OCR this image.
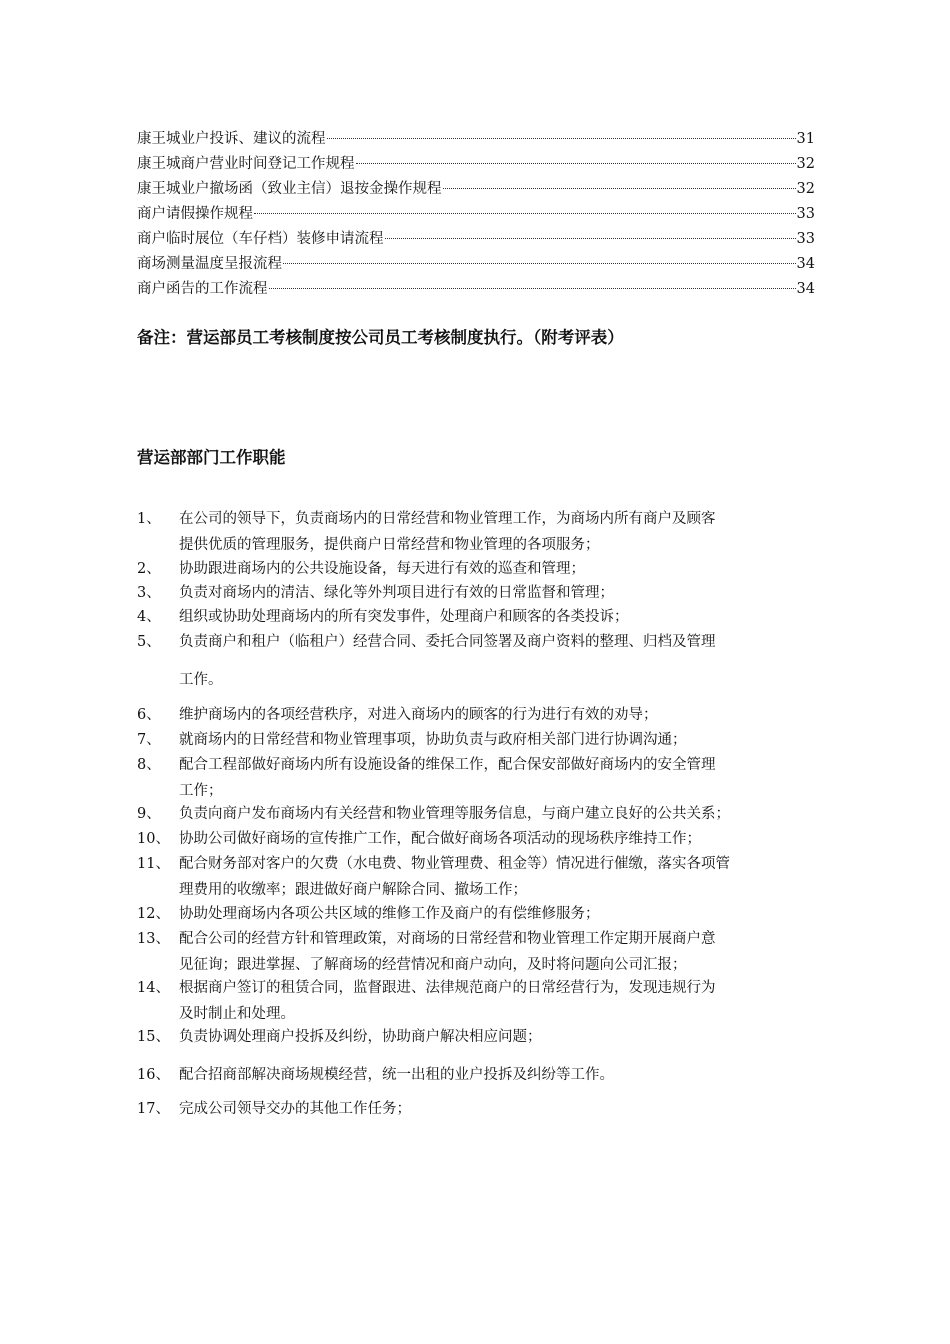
康王城业户投诉、建议的流程	31
康王城商户营业时间登记工作规程	32
康王城业户撤场函（致业主信）退按金操作规程	32
商户请假操作规程	33
商户临时展位（车仔档）装修申请流程	33
商场测量温度呈报流程	34
商户函告的工作流程	34
备注：营运部员工考核制度按公司员工考核制度执行。（附考评表）
营运部部门工作职能
1、 在公司的领导下，负责商场内的日常经营和物业管理工作，为商场内所有商户及顾客
提供优质的管理服务，提供商户日常经营和物业管理的各项服务；
2、 协助跟进商场内的公共设施设备，每天进行有效的巡查和管理；
3、 负责对商场内的清洁、绿化等外判项目进行有效的日常监督和管理；
4、 组织或协助处理商场内的所有突发事件，处理商户和顾客的各类投诉；
5、 负责商户和租户（临租户）经营合同、委托合同签署及商户资料的整理、归档及管理
工作。
6、 维护商场内的各项经营秩序，对进入商场内的顾客的行为进行有效的劝导；
7、 就商场内的日常经营和物业管理事项，协助负责与政府相关部门进行协调沟通；
8、 配合工程部做好商场内所有设施设备的维保工作，配合保安部做好商场内的安全管理
工作；
9、 负责向商户发布商场内有关经营和物业管理等服务信息，与商户建立良好的公共关系；
10、 协助公司做好商场的宣传推广工作，配合做好商场各项活动的现场秩序维持工作；
11、 配合财务部对客户的欠费（水电费、物业管理费、租金等）情况进行催缴，落实各项管
理费用的收缴率；跟进做好商户解除合同、撤场工作；
12、 协助处理商场内各项公共区域的维修工作及商户的有偿维修服务；
13、 配合公司的经营方针和管理政策，对商场的日常经营和物业管理工作定期开展商户意
见征询；跟进掌握、了解商场的经营情况和商户动向，及时将问题向公司汇报；
14、 根据商户签订的租赁合同，监督跟进、法律规范商户的日常经营行为，发现违规行为
及时制止和处理。
15、 负责协调处理商户投拆及纠纷，协助商户解决相应问题；
16、 配合招商部解决商场规模经营，统一出租的业户投拆及纠纷等工作。
17、 完成公司领导交办的其他工作任务；
